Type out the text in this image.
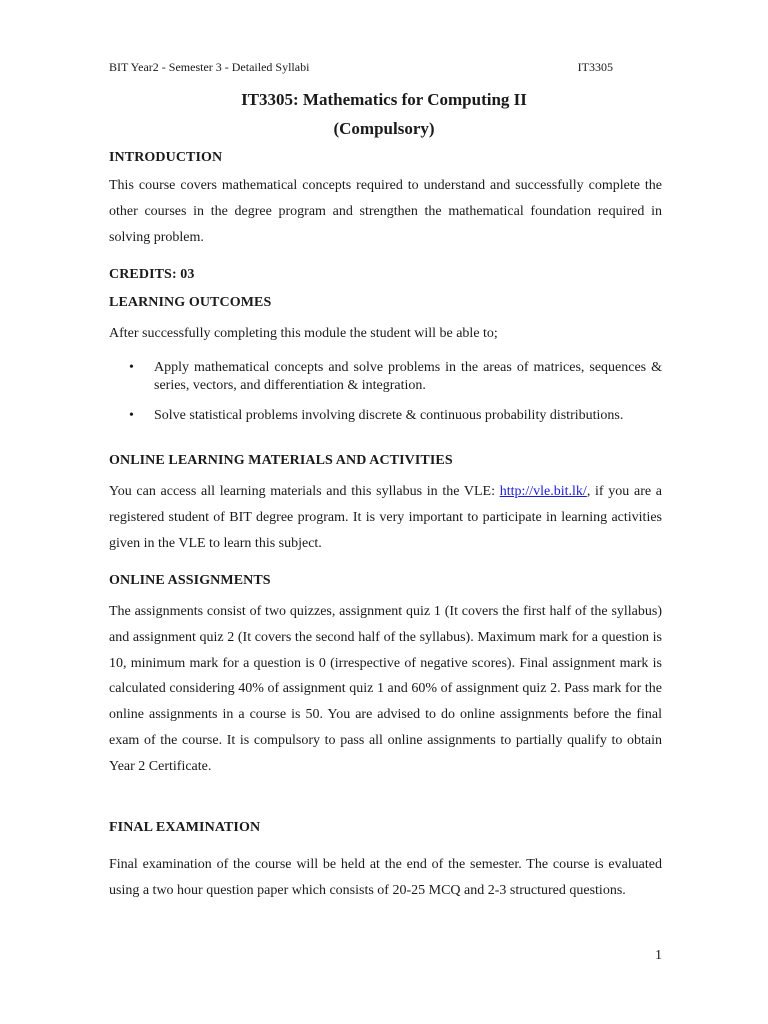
BIT Year2 - Semester 3 - Detailed Syllabi	IT3305
IT3305: Mathematics for Computing II
(Compulsory)
INTRODUCTION

This course covers mathematical concepts required to understand and successfully complete the other courses in the degree program and strengthen the mathematical foundation required in solving problem.

CREDITS: 03
LEARNING OUTCOMES
After successfully completing this module the student will be able to;
• Apply mathematical concepts and solve problems in the areas of matrices, sequences & series, vectors, and differentiation & integration.
• Solve statistical problems involving discrete & continuous probability distributions.
ONLINE LEARNING MATERIALS AND ACTIVITIES

You can access all learning materials and this syllabus in the VLE: http://vle.bit.lk/, if you are a registered student of BIT degree program. It is very important to participate in learning activities given in the VLE to learn this subject.

ONLINE ASSIGNMENTS

The assignments consist of two quizzes, assignment quiz 1 (It covers the first half of the syllabus) and assignment quiz 2 (It covers the second half of the syllabus). Maximum mark for a question is 10, minimum mark for a question is 0 (irrespective of negative scores). Final assignment mark is calculated considering 40% of assignment quiz 1 and 60% of assignment quiz 2. Pass mark for the online assignments in a course is 50. You are advised to do online assignments before the final exam of the course. It is compulsory to pass all online assignments to partially qualify to obtain Year 2 Certificate.

FINAL EXAMINATION

Final examination of the course will be held at the end of the semester. The course is evaluated using a two hour question paper which consists of 20-25 MCQ and 2-3 structured questions.

1
